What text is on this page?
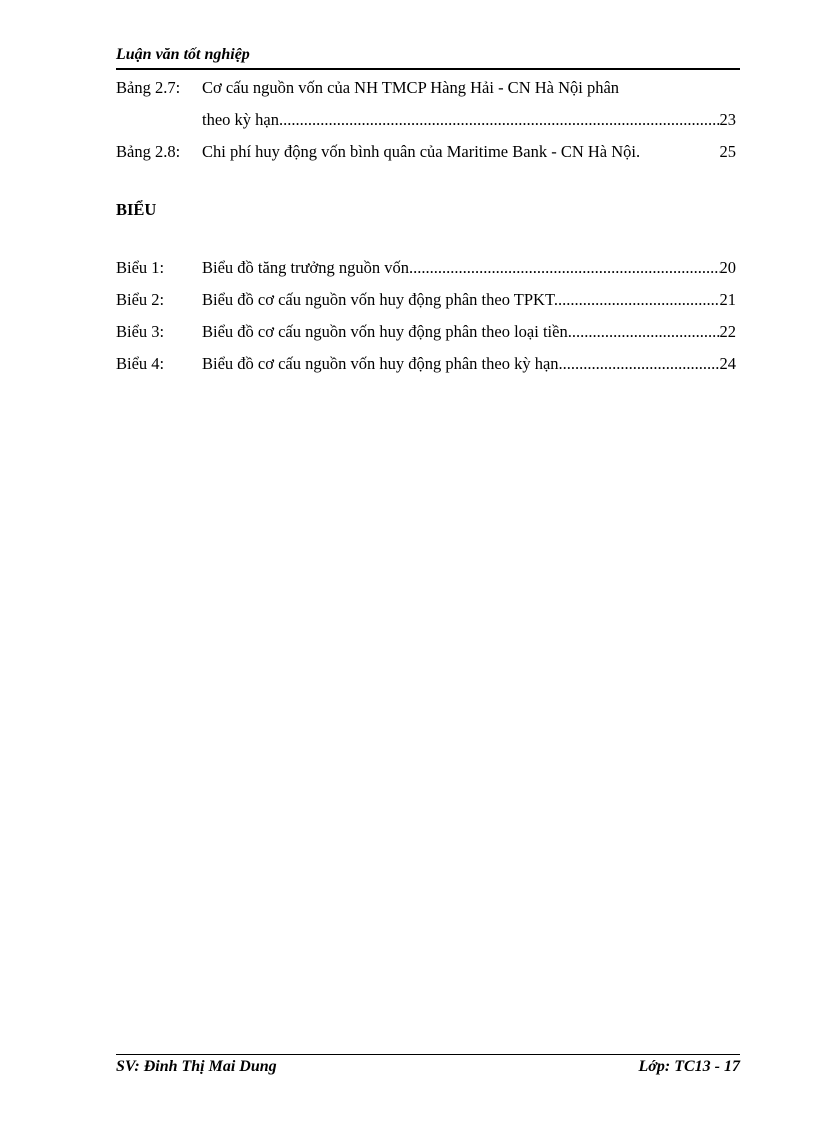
Luận văn tốt nghiệp
Bảng 2.7: Cơ cấu nguồn vốn của NH TMCP Hàng Hải - CN Hà Nội phân
theo kỳ hạn. .....	23
Bảng 2.8: Chi phí huy động vốn bình quân của Maritime Bank - CN Hà Nội.	25
BIỂU
Biểu 1: Biểu đồ tăng trưởng nguồn vốn. .....	20
Biểu 2: Biểu đồ cơ cấu nguồn vốn huy động phân theo TPKT. .....	21
Biểu 3: Biểu đồ cơ cấu nguồn vốn huy động phân theo loại tiền. .....	22
Biểu 4: Biểu đồ cơ cấu nguồn vốn huy động phân theo kỳ hạn. .....	24
SV: Đinh Thị Mai Dung	Lớp: TC13 - 17
